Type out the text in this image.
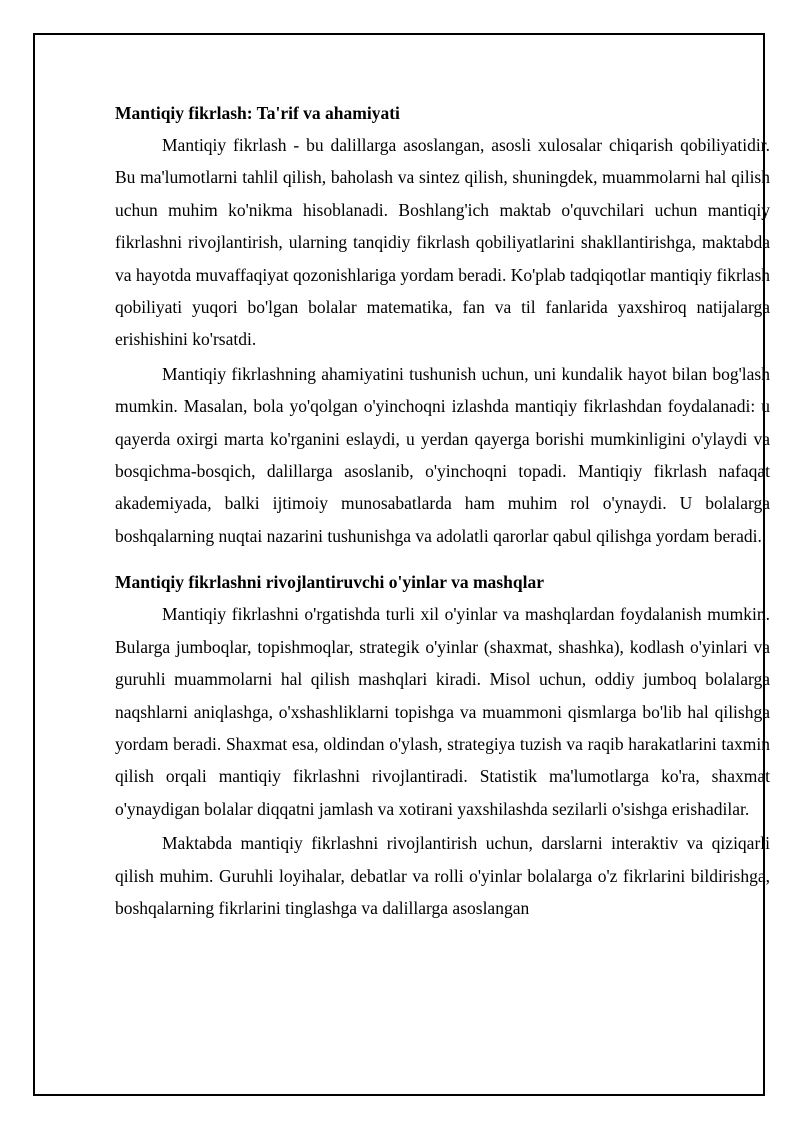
Mantiqiy fikrlash: Ta'rif va ahamiyati

Mantiqiy fikrlash - bu dalillarga asoslangan, asosli xulosalar chiqarish qobiliyatidir. Bu ma'lumotlarni tahlil qilish, baholash va sintez qilish, shuningdek, muammolarni hal qilish uchun muhim ko'nikma hisoblanadi. Boshlang'ich maktab o'quvchilari uchun mantiqiy fikrlashni rivojlantirish, ularning tanqidiy fikrlash qobiliyatlarini shakllantirishga, maktabda va hayotda muvaffaqiyat qozonishlariga yordam beradi. Ko'plab tadqiqotlar mantiqiy fikrlash qobiliyati yuqori bo'lgan bolalar matematika, fan va til fanlarida yaxshiroq natijalarga erishishini ko'rsatdi.

Mantiqiy fikrlashning ahamiyatini tushunish uchun, uni kundalik hayot bilan bog'lash mumkin. Masalan, bola yo'qolgan o'yinchoqni izlashda mantiqiy fikrlashdan foydalanadi: u qayerda oxirgi marta ko'rganini eslaydi, u yerdan qayerga borishi mumkinligini o'ylaydi va bosqichma-bosqich, dalillarga asoslanib, o'yinchoqni topadi. Mantiqiy fikrlash nafaqat akademiyada, balki ijtimoiy munosabatlarda ham muhim rol o'ynaydi. U bolalarga boshqalarning nuqtai nazarini tushunishga va adolatli qarorlar qabul qilishga yordam beradi.

Mantiqiy fikrlashni rivojlantiruvchi o'yinlar va mashqlar

Mantiqiy fikrlashni o'rgatishda turli xil o'yinlar va mashqlardan foydalanish mumkin. Bularga jumboqlar, topishmoqlar, strategik o'yinlar (shaxmat, shashka), kodlash o'yinlari va guruhli muammolarni hal qilish mashqlari kiradi. Misol uchun, oddiy jumboq bolalarga naqshlarni aniqlashga, o'xshashliklarni topishga va muammoni qismlarga bo'lib hal qilishga yordam beradi. Shaxmat esa, oldindan o'ylash, strategiya tuzish va raqib harakatlarini taxmin qilish orqali mantiqiy fikrlashni rivojlantiradi. Statistik ma'lumotlarga ko'ra, shaxmat o'ynaydigan bolalar diqqatni jamlash va xotirani yaxshilashda sezilarli o'sishga erishadilar.

Maktabda mantiqiy fikrlashni rivojlantirish uchun, darslarni interaktiv va qiziqarli qilish muhim. Guruhli loyihalar, debatlar va rolli o'yinlar bolalarga o'z fikrlarini bildirishga, boshqalarning fikrlarini tinglashga va dalillarga asoslangan
